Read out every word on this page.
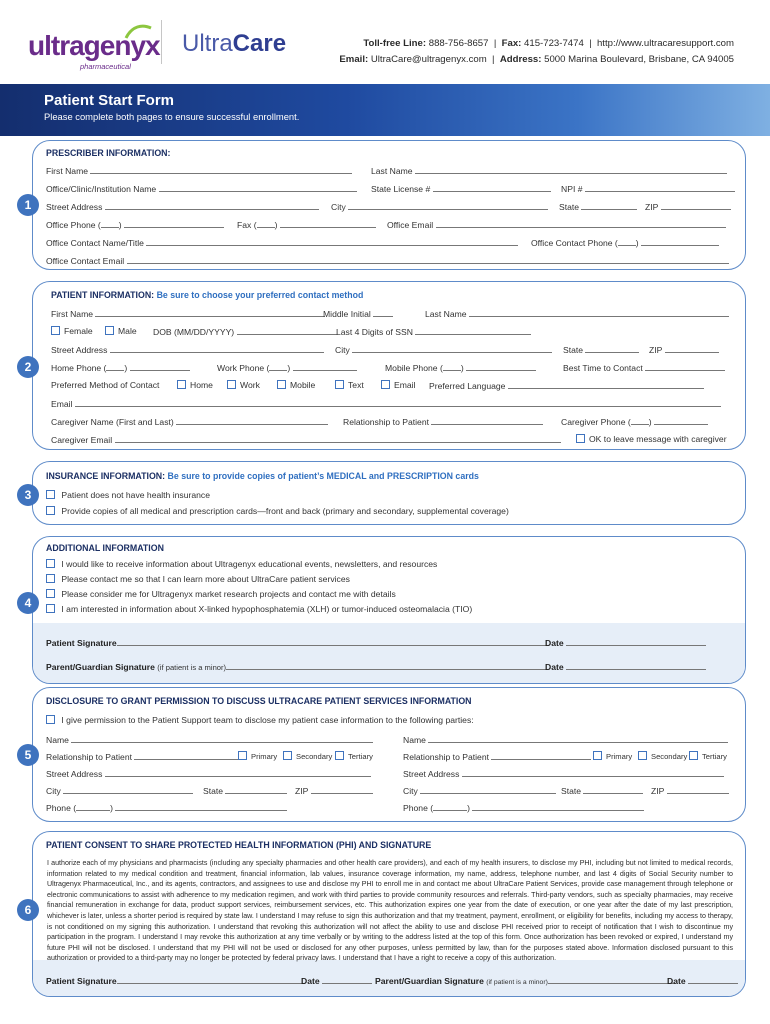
ultragenyx
pharmaceutical
UltraCare	Toll-free Line: 888-756-8657  |  Fax: 415-723-7474  |  http://www.ultracaresupport.com
Email: UltraCare@ultragenyx.com  |  Address: 5000 Marina Boulevard, Brisbane, CA 94005
Patient Start Form
Please complete both pages to ensure successful enrollment.
PRESCRIBER INFORMATION:
First Name	Last Name
Office/Clinic/Institution Name	State License #	NPI #
Street Address	City	State	ZIP
Office Phone ( )	Fax ( )	Office Email
Office Contact Name/Title	Office Contact Phone ( )
Office Contact Email
1
PATIENT INFORMATION: Be sure to choose your preferred contact method
First Name	Middle Initial	Last Name
Female	Male DOB (MM/DD/YYYY)	Last 4 Digits of SSN
Street Address	City	State	ZIP
Home Phone ( )	Work Phone ( )	Mobile Phone ( )	Best Time to Contact
Preferred Method of Contact	Home	Work	Mobile	Text	Email Preferred Language
Email
Caregiver Name (First and Last)	Relationship to Patient	Caregiver Phone ( )
Caregiver Email	OK to leave message with caregiver
2
INSURANCE INFORMATION: Be sure to provide copies of patient’s MEDICAL and PRESCRIPTION cards
Patient does not have health insurance
Provide copies of all medical and prescription cards—front and back (primary and secondary, supplemental coverage)
3
ADDITIONAL INFORMATION
I would like to receive information about Ultragenyx educational events, newsletters, and resources
Please contact me so that I can learn more about UltraCare patient services
Please consider me for Ultragenyx market research projects and contact me with details
I am interested in information about X-linked hypophosphatemia (XLH) or tumor-induced osteomalacia (TIO)
Patient Signature	Date
Parent/Guardian Signature (if patient is a minor)	Date
4
DISCLOSURE TO GRANT PERMISSION TO DISCUSS ULTRACARE PATIENT SERVICES INFORMATION
I give permission to the Patient Support team to disclose my patient case information to the following parties:
Name
Relationship to Patient	Primary	Secondary	Tertiary
Street Address
City	State	ZIP
Phone (	)
Name
Relationship to Patient	Primary	Secondary	Tertiary
Street Address
City	State	ZIP
Phone (	)
5
PATIENT CONSENT TO SHARE PROTECTED HEALTH INFORMATION (PHI) AND SIGNATURE
I authorize each of my physicians and pharmacists (including any specialty pharmacies and other health care providers), and each of my health insurers, to disclose my PHI, including but not limited to medical records, information related to my medical condition and treatment, financial information, lab values, insurance coverage information, my name, address, telephone number, and last 4 digits of Social Security number to Ultragenyx Pharmaceutical, Inc., and its agents, contractors, and assignees to use and disclose my PHI to enroll me in and contact me about UltraCare Patient Services, provide case management through telephone or electronic communications to assist with adherence to my medication regimen, and work with third parties to provide community resources and referrals. Third-party vendors, such as specialty pharmacies, may receive financial remuneration in exchange for data, product support services, reimbursement services, etc. This authorization expires one year from the date of execution, or one year after the date of my last prescription, whichever is later, unless a shorter period is required by state law. I understand I may refuse to sign this authorization and that my treatment, payment, enrollment, or eligibility for benefits, including my access to therapy, is not conditioned on my signing this authorization. I understand that revoking this authorization will not affect the ability to use and disclose PHI received prior to receipt of notification that I wish to discontinue my participation in the program. I understand I may revoke this authorization at any time verbally or by writing to the address listed at the top of this form. Once authorization has been revoked or expired, I understand my future PHI will not be disclosed. I understand that my PHI will not be used or disclosed for any other purposes, unless permitted by law, than for the purposes stated above. Information disclosed pursuant to this authorization or provided to a third-party may no longer be protected by federal privacy laws. I understand that I have a right to receive a copy of this authorization.
Patient Signature	Date	Parent/Guardian Signature (if patient is a minor)	Date
6
